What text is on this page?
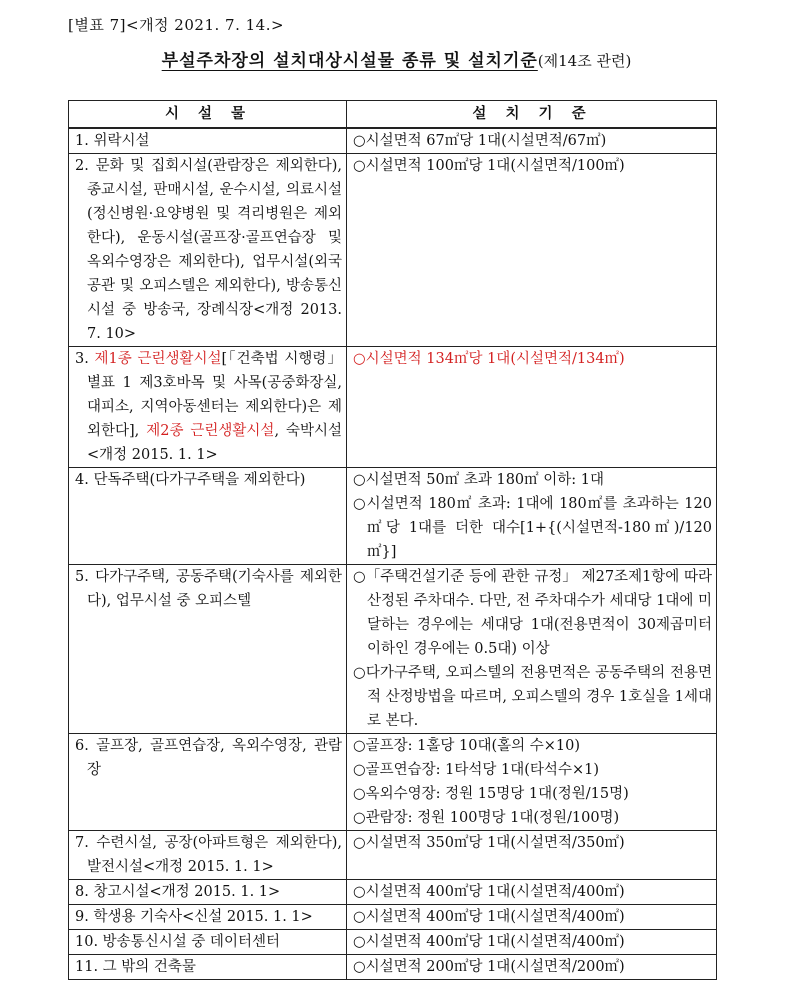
[별표 7]<개정 2021. 7. 14.>
부설주차장의 설치대상시설물 종류 및 설치기준(제14조 관련)
시 설 물	설 치 기 준

1. 위락시설	○시설면적 67㎡당 1대(시설면적/67㎡)

2. 문화 및 집회시설(관람장은 제외한다), 종교시설, 판매시설, 운수시설, 의료시설(정신병원·요양병원 및 격리병원은 제외한다), 운동시설(골프장·골프연습장 및 옥외수영장은 제외한다), 업무시설(외국공관 및 오피스텔은 제외한다), 방송통신시설 중 방송국, 장례식장<개정 2013. 7. 10>	○시설면적 100㎡당 1대(시설면적/100㎡)

3. 제1종 근린생활시설[「건축법 시행령」 별표 1 제3호바목 및 사목(공중화장실, 대피소, 지역아동센터는 제외한다)은 제외한다], 제2종 근린생활시설, 숙박시설<개정 2015. 1. 1>	○시설면적 134㎡당 1대(시설면적/134㎡)

4. 단독주택(다가구주택을 제외한다)	○시설면적 50㎡ 초과 180㎡ 이하: 1대
○시설면적 180㎡ 초과: 1대에 180㎡를 초과하는 120㎡당 1대를 더한 대수[1+{(시설면적-180㎡)/120㎡}]

5. 다가구주택, 공동주택(기숙사를 제외한다), 업무시설 중 오피스텔	○「주택건설기준 등에 관한 규정」 제27조제1항에 따라 산정된 주차대수. 다만, 전 주차대수가 세대당 1대에 미달하는 경우에는 세대당 1대(전용면적이 30제곱미터 이하인 경우에는 0.5대) 이상
○다가구주택, 오피스텔의 전용면적은 공동주택의 전용면적 산정방법을 따르며, 오피스텔의 경우 1호실을 1세대로 본다.

6. 골프장, 골프연습장, 옥외수영장, 관람장	○골프장: 1홀당 10대(홀의 수×10)
○골프연습장: 1타석당 1대(타석수×1)
○옥외수영장: 정원 15명당 1대(정원/15명)
○관람장: 정원 100명당 1대(정원/100명)

7. 수련시설, 공장(아파트형은 제외한다), 발전시설<개정 2015. 1. 1>	○시설면적 350㎡당 1대(시설면적/350㎡)

8. 창고시설<개정 2015. 1. 1>	○시설면적 400㎡당 1대(시설면적/400㎡)

9. 학생용 기숙사<신설 2015. 1. 1>	○시설면적 400㎡당 1대(시설면적/400㎡)

10. 방송통신시설 중 데이터센터	○시설면적 400㎡당 1대(시설면적/400㎡)

11. 그 밖의 건축물	○시설면적 200㎡당 1대(시설면적/200㎡)
